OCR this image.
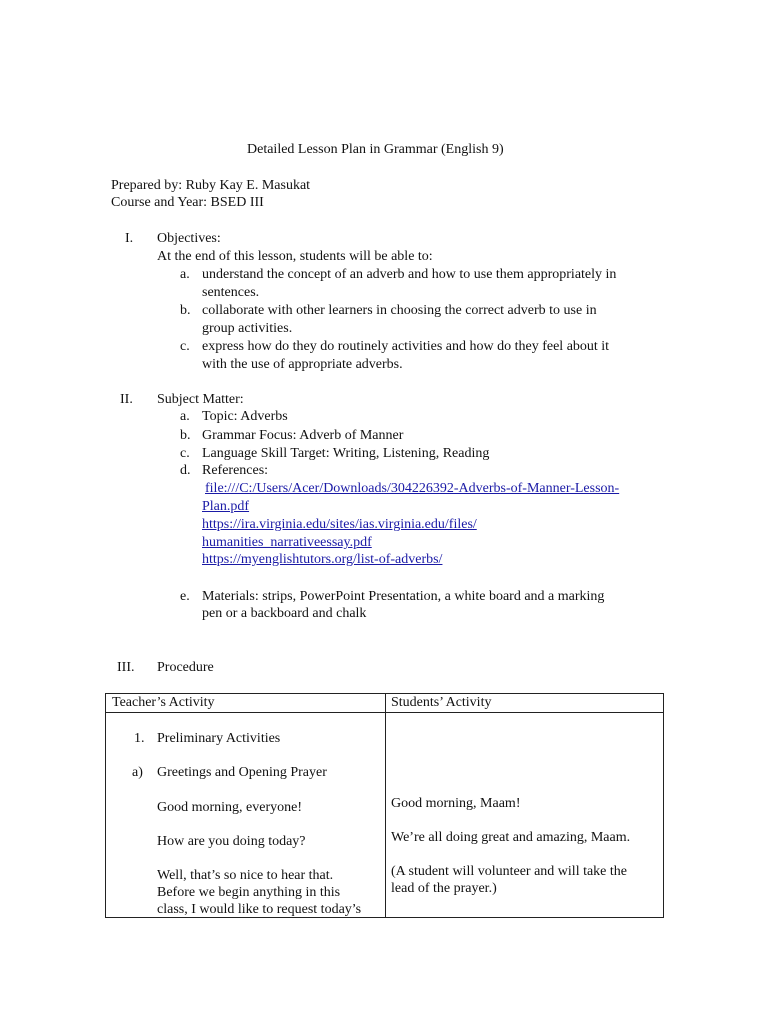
Detailed Lesson Plan in Grammar (English 9)
Prepared by: Ruby Kay E. Masukat
Course and Year: BSED III
I. Objectives:
At the end of this lesson, students will be able to:
a. understand the concept of an adverb and how to use them appropriately in
sentences.
b. collaborate with other learners in choosing the correct adverb to use in
group activities.
c. express how do they do routinely activities and how do they feel about it
with the use of appropriate adverbs.
II. Subject Matter:
a. Topic: Adverbs
b. Grammar Focus: Adverb of Manner
c. Language Skill Target: Writing, Listening, Reading
d. References:
file:///C:/Users/Acer/Downloads/304226392-Adverbs-of-Manner-Lesson-
Plan.pdf
https://ira.virginia.edu/sites/ias.virginia.edu/files/
humanities_narrativeessay.pdf
https://myenglishtutors.org/list-of-adverbs/
e. Materials: strips, PowerPoint Presentation, a white board and a marking
pen or a backboard and chalk
III. Procedure
Teacher’s Activity	Students’ Activity
1. Preliminary Activities
a) Greetings and Opening Prayer
Good morning, everyone!
How are you doing today?
Well, that’s so nice to hear that.
Before we begin anything in this
class, I would like to request today’s
Good morning, Maam!
We’re all doing great and amazing, Maam.
(A student will volunteer and will take the
lead of the prayer.)
